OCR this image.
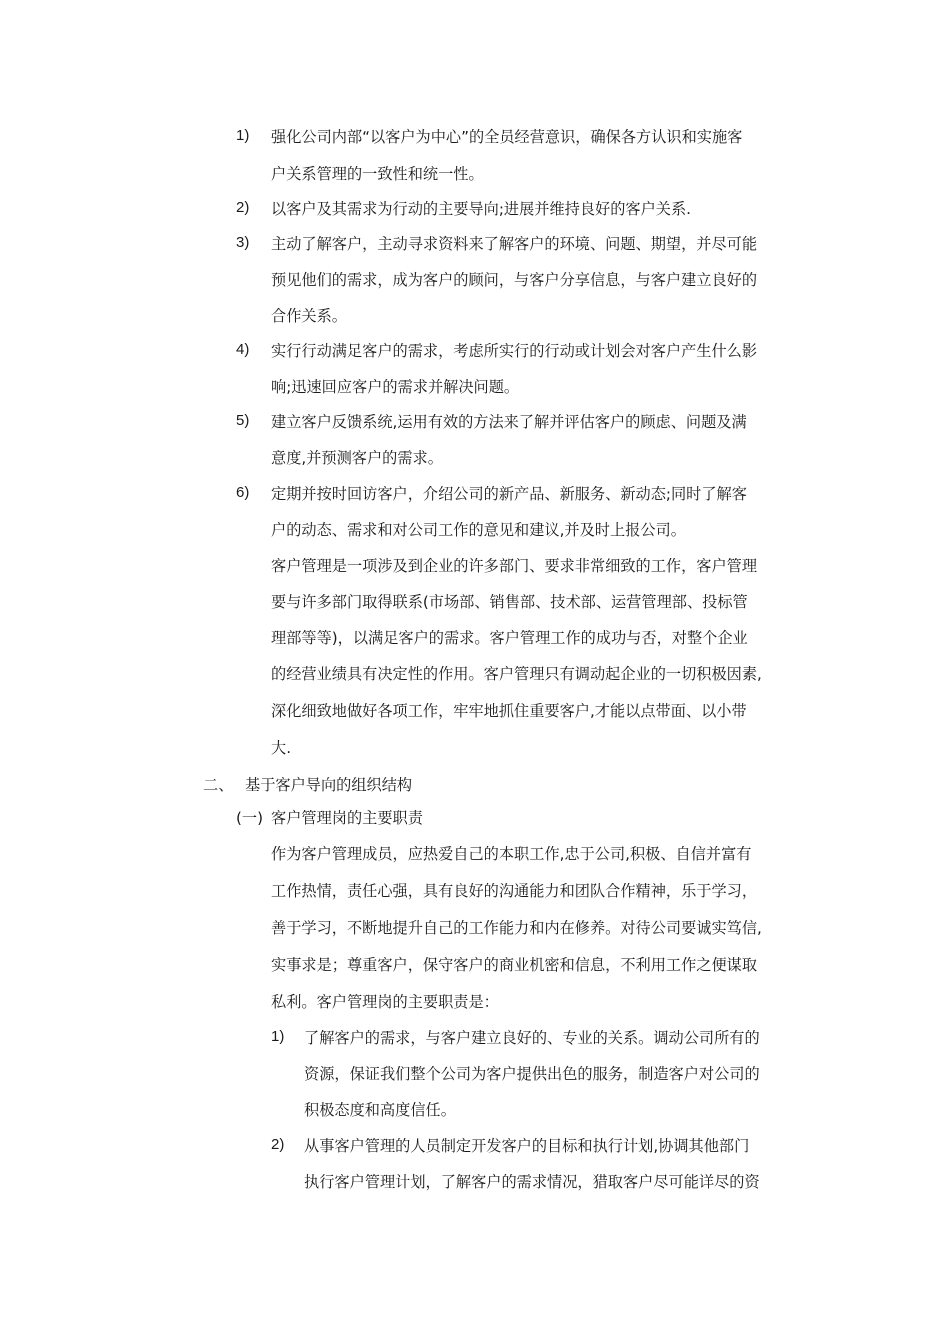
1) 强化公司内部“以客户为中心”的全员经营意识，确保各方认识和实施客
户关系管理的一致性和统一性。
2) 以客户及其需求为行动的主要导向;进展并维持良好的客户关系.
3) 主动了解客户，主动寻求资料来了解客户的环境、问题、期望，并尽可能
预见他们的需求，成为客户的顾问，与客户分享信息，与客户建立良好的
合作关系。
4) 实行行动满足客户的需求，考虑所实行的行动或计划会对客户产生什么影
响;迅速回应客户的需求并解决问题。
5) 建立客户反馈系统,运用有效的方法来了解并评估客户的顾虑、问题及满
意度,并预测客户的需求。
6) 定期并按时回访客户，介绍公司的新产品、新服务、新动态;同时了解客
户的动态、需求和对公司工作的意见和建议,并及时上报公司。
客户管理是一项涉及到企业的许多部门、要求非常细致的工作，客户管理
要与许多部门取得联系(市场部、销售部、技术部、运营管理部、投标管
理部等等)，以满足客户的需求。客户管理工作的成功与否，对整个企业
的经营业绩具有决定性的作用。客户管理只有调动起企业的一切积极因素,
深化细致地做好各项工作，牢牢地抓住重要客户,才能以点带面、以小带
大.
二、 基于客户导向的组织结构
(一) 客户管理岗的主要职责
作为客户管理成员，应热爱自己的本职工作,忠于公司,积极、自信并富有
工作热情，责任心强，具有良好的沟通能力和团队合作精神，乐于学习，
善于学习，不断地提升自己的工作能力和内在修养。对待公司要诚实笃信,
实事求是；尊重客户，保守客户的商业机密和信息，不利用工作之便谋取
私利。客户管理岗的主要职责是：
1) 了解客户的需求，与客户建立良好的、专业的关系。调动公司所有的
资源，保证我们整个公司为客户提供出色的服务，制造客户对公司的
积极态度和高度信任。
2) 从事客户管理的人员制定开发客户的目标和执行计划,协调其他部门
执行客户管理计划，了解客户的需求情况，猎取客户尽可能详尽的资
